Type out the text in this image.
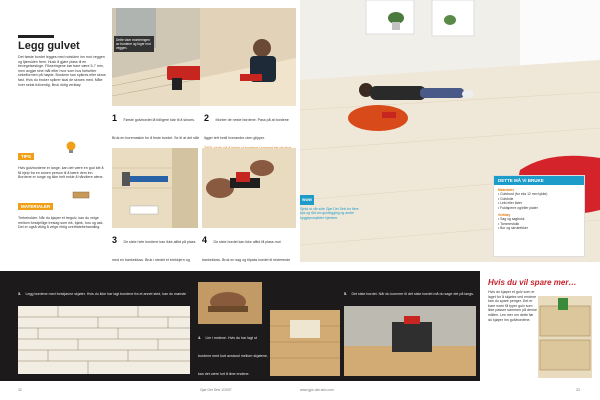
Legg gulvet
Det første bordet legges med notsiden inn mot veggen og fjærsiden frem. Husk å gjøre plass til en bevegelsesfuge. Fikseringene bør bare være 5-7 mm, men avgjør sine mål etter hvor som hus fortsetter sirkelformen på høyde. Bordene kan spikres eller skrus fast. Hvis du bruker spikrer skal de skrues med. Måle hver sekst fullverdig. Bruk riktig verktøy.
Dette viser monteringen av bordene og fuger mot veggen.
1 Første gulvbordet lå tidligere klar til å skrues. Bruk en boremaskin for å feste bordet. Se til at det står
2 Monter de neste bordene. Pass på at bordene ligger tett inntil hverandre uten glipper.
TIPS
Hvis gulvbordene er lange, kan det være en god idé å få hjelp fra en annen person til å bære dem inn. Bordene er tunge og ikke helt enkle å håndtere alene.
MATERIALER
Trebeholder. Når du kjøper et tregulv, kan du velge mellom forskjellige treslag som eik, bjørk, furu og ask. Det er også viktig å velge riktig overflatebehandling.
3 De siste hele bordene kan ikke alltid på plass med en bankekloss. Bruk i stedet et brekkjern og
4 De siste bordet kan ikke alltid få plass mot bankekloss. Bruk en sag og tilpass bordet til resterende
WWW
Sjekk ut vår side Gjør Det Selv for flere tips og råd om gulvlegging og andre byggeprosjekter hjemme.
DETTE MÅ VI BRUKE
Materialer
• Gulvbord (for eks 12 mm tykke)
• Gulvfolie
• Lekt eller lister
• Fuktsperre og/eller plater
Verktøy
• Sag og sagbukk
• Tommestokk
• Bor og skrutrekker
3. Legg bordene med forskjøvne skjøter. Hvis du ikke har lagt bordene fra et annet sted, kan du mønste
4. Lim i endene. Hvis du har lagt ut bordene med kort avstand mellom skjøtene, kan det være lurt å lime endene.
5. Det siste bordet. Når du kommer til det siste bordet må du sage det på langs.
Hvis du vil spare mer…
Hvis du kjøper et gulv som er laget for å skjøtes ved endene kan du spare penger. Det er bare noen få typer gulv som ikke passer sammen på denne måten. Les mer om dette før du kjøper inn gulvbordene.
32	Gjør Det Selv 1/2007	www.gjor-det-selv.com	33
